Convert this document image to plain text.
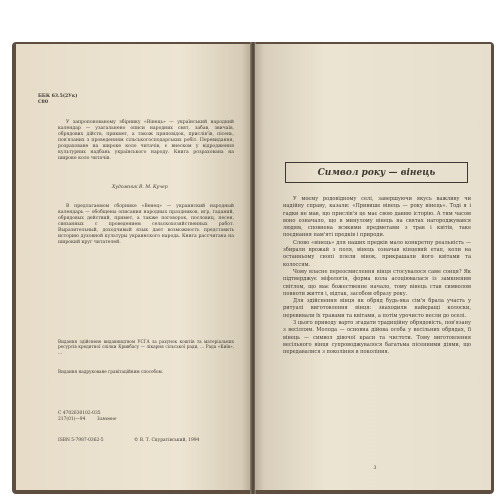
ББК 63.5(2Ук)
С80
У запропонованому збірнику «Вінець» — український народний календар — узагальнено описи народних свят, забав, звичаїв, обрядових дійств, прикмет, а також приповідок, прислів'їв, пісень, пов'язаних з проведенням сільськогосподарських робіт. Перевидання, розраховане на широке коло читачів, є внеском у відродження культурних надбань українського народу. Книга розрахована на широке коло читачів.
Художник В. М. Кучер
В предлагаемом сборнике «Венец» — украинский народный календарь — обобщены описания народных праздников, игр, гаданий, обрядовых действий, примет, а также поговорок, пословиц, песен, связанных с проведением сельскохозяйственных работ. Выразительный, доходчивый язык дает возможность представить историю духовной культуры украинского народа. Книга рассчитана на широкий круг читателей.
Видання здійснене видавництвом УСГА за рахунок коштів та матеріальних ресурсів кредитної спілки Кривбасу — лікарня сільської ради, ... Рада «Київ», ...
Видання надруковане гравітаційним способом.
С 4702630102-035
217(01)—94	Замовне
ISBN 5-7987-0362-5	© В. Т. Скуратівський, 1994
Символ року — вінець

У моєму родовідному селі, завершуючи якусь важливу чи надійну справу, казали: «Привише вінець — року вінець». Тоді я і гадки не мав, що прислів'я це має свою давню історію. А тим часом воно означало, що в минулому вінець на святах нагороджувався людям, сповнена всякими предметами з трав і квітів, таке поєднання пам'яті предків і природи.

Слово «вінець» для наших предків мало конкретну реальність — збирали врожай з поля, вінець означав кінцевий етап, коли на останньому снопі плели вінок, прикрашали його квітами та колоссям.

Чому власне переосмислення вінця стосувалося саме сонця? Як підтверджує міфологія, форма кола асоціювалася із замкненим світлом, що має божественне начало, тому вінець став символом повноти життя і, відтак, засобом образу року.

Для здійснення вінця як обряд будь-яка сім'я брала участь у ритуалі виготовлення вінця: знаходили найкращі колоски, перевивали їх травами та квітами, а потім урочисто несли до оселі.

З цього приводу варто згадати традиційну обрядовість, пов'язану з весіллям. Молода — основна дійова особа у весільних обрядах, її вінець — символ дівочої краси та чистоти. Тому виготовлення весільного вінця супроводжувалося багатьма пісенними діями, що передавалися з покоління в покоління.

3
